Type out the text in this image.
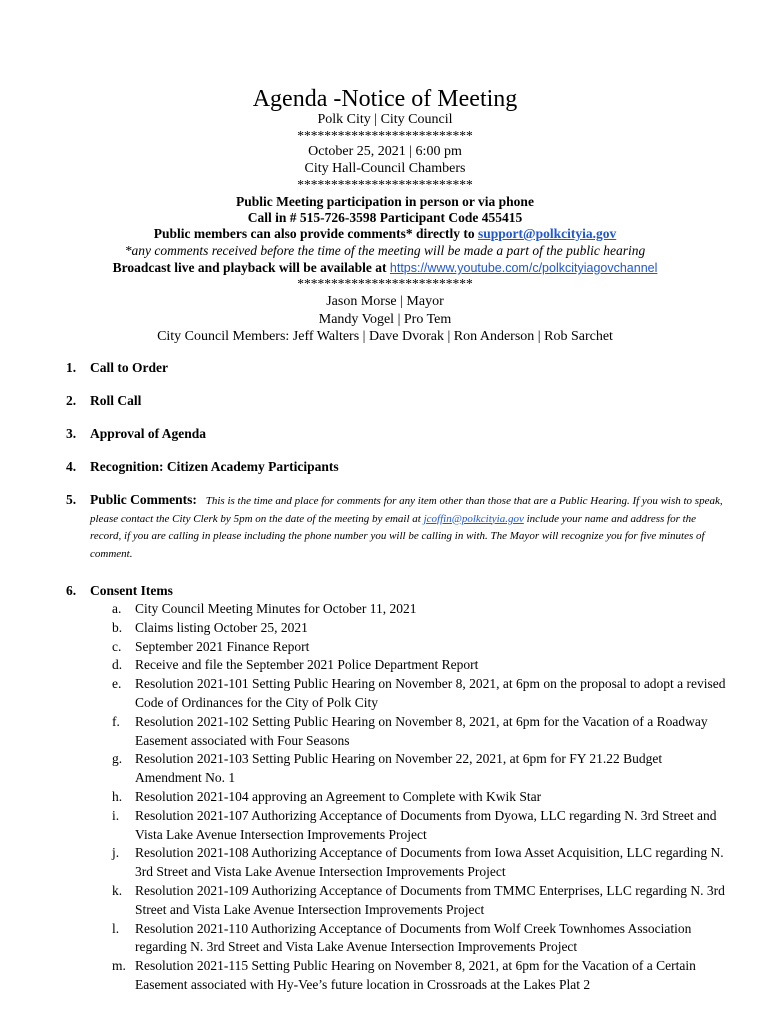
Agenda -Notice of Meeting
Polk City | City Council
**************************
October 25, 2021 | 6:00 pm
City Hall-Council Chambers
**************************
Public Meeting participation in person or via phone
Call in # 515-726-3598 Participant Code 455415
Public members can also provide comments* directly to support@polkcityia.gov
*any comments received before the time of the meeting will be made a part of the public hearing
Broadcast live and playback will be available at https://www.youtube.com/c/polkcityiagovchannel
**************************
Jason Morse | Mayor
Mandy Vogel | Pro Tem
City Council Members: Jeff Walters | Dave Dvorak | Ron Anderson | Rob Sarchet
1. Call to Order
2. Roll Call
3. Approval of Agenda
4. Recognition: Citizen Academy Participants
5. Public Comments: This is the time and place for comments for any item other than those that are a Public Hearing. If you wish to speak, please contact the City Clerk by 5pm on the date of the meeting by email at jcoffin@polkcityia.gov include your name and address for the record, if you are calling in please including the phone number you will be calling in with. The Mayor will recognize you for five minutes of comment.
6. Consent Items
a. City Council Meeting Minutes for October 11, 2021
b. Claims listing October 25, 2021
c. September 2021 Finance Report
d. Receive and file the September 2021 Police Department Report
e. Resolution 2021-101 Setting Public Hearing on November 8, 2021, at 6pm on the proposal to adopt a revised Code of Ordinances for the City of Polk City
f. Resolution 2021-102 Setting Public Hearing on November 8, 2021, at 6pm for the Vacation of a Roadway Easement associated with Four Seasons
g. Resolution 2021-103 Setting Public Hearing on November 22, 2021, at 6pm for FY 21.22 Budget Amendment No. 1
h. Resolution 2021-104 approving an Agreement to Complete with Kwik Star
i. Resolution 2021-107 Authorizing Acceptance of Documents from Dyowa, LLC regarding N. 3rd Street and Vista Lake Avenue Intersection Improvements Project
j. Resolution 2021-108 Authorizing Acceptance of Documents from Iowa Asset Acquisition, LLC regarding N. 3rd Street and Vista Lake Avenue Intersection Improvements Project
k. Resolution 2021-109 Authorizing Acceptance of Documents from TMMC Enterprises, LLC regarding N. 3rd Street and Vista Lake Avenue Intersection Improvements Project
l. Resolution 2021-110 Authorizing Acceptance of Documents from Wolf Creek Townhomes Association regarding N. 3rd Street and Vista Lake Avenue Intersection Improvements Project
m. Resolution 2021-115 Setting Public Hearing on November 8, 2021, at 6pm for the Vacation of a Certain Easement associated with Hy-Vee’s future location in Crossroads at the Lakes Plat 2
